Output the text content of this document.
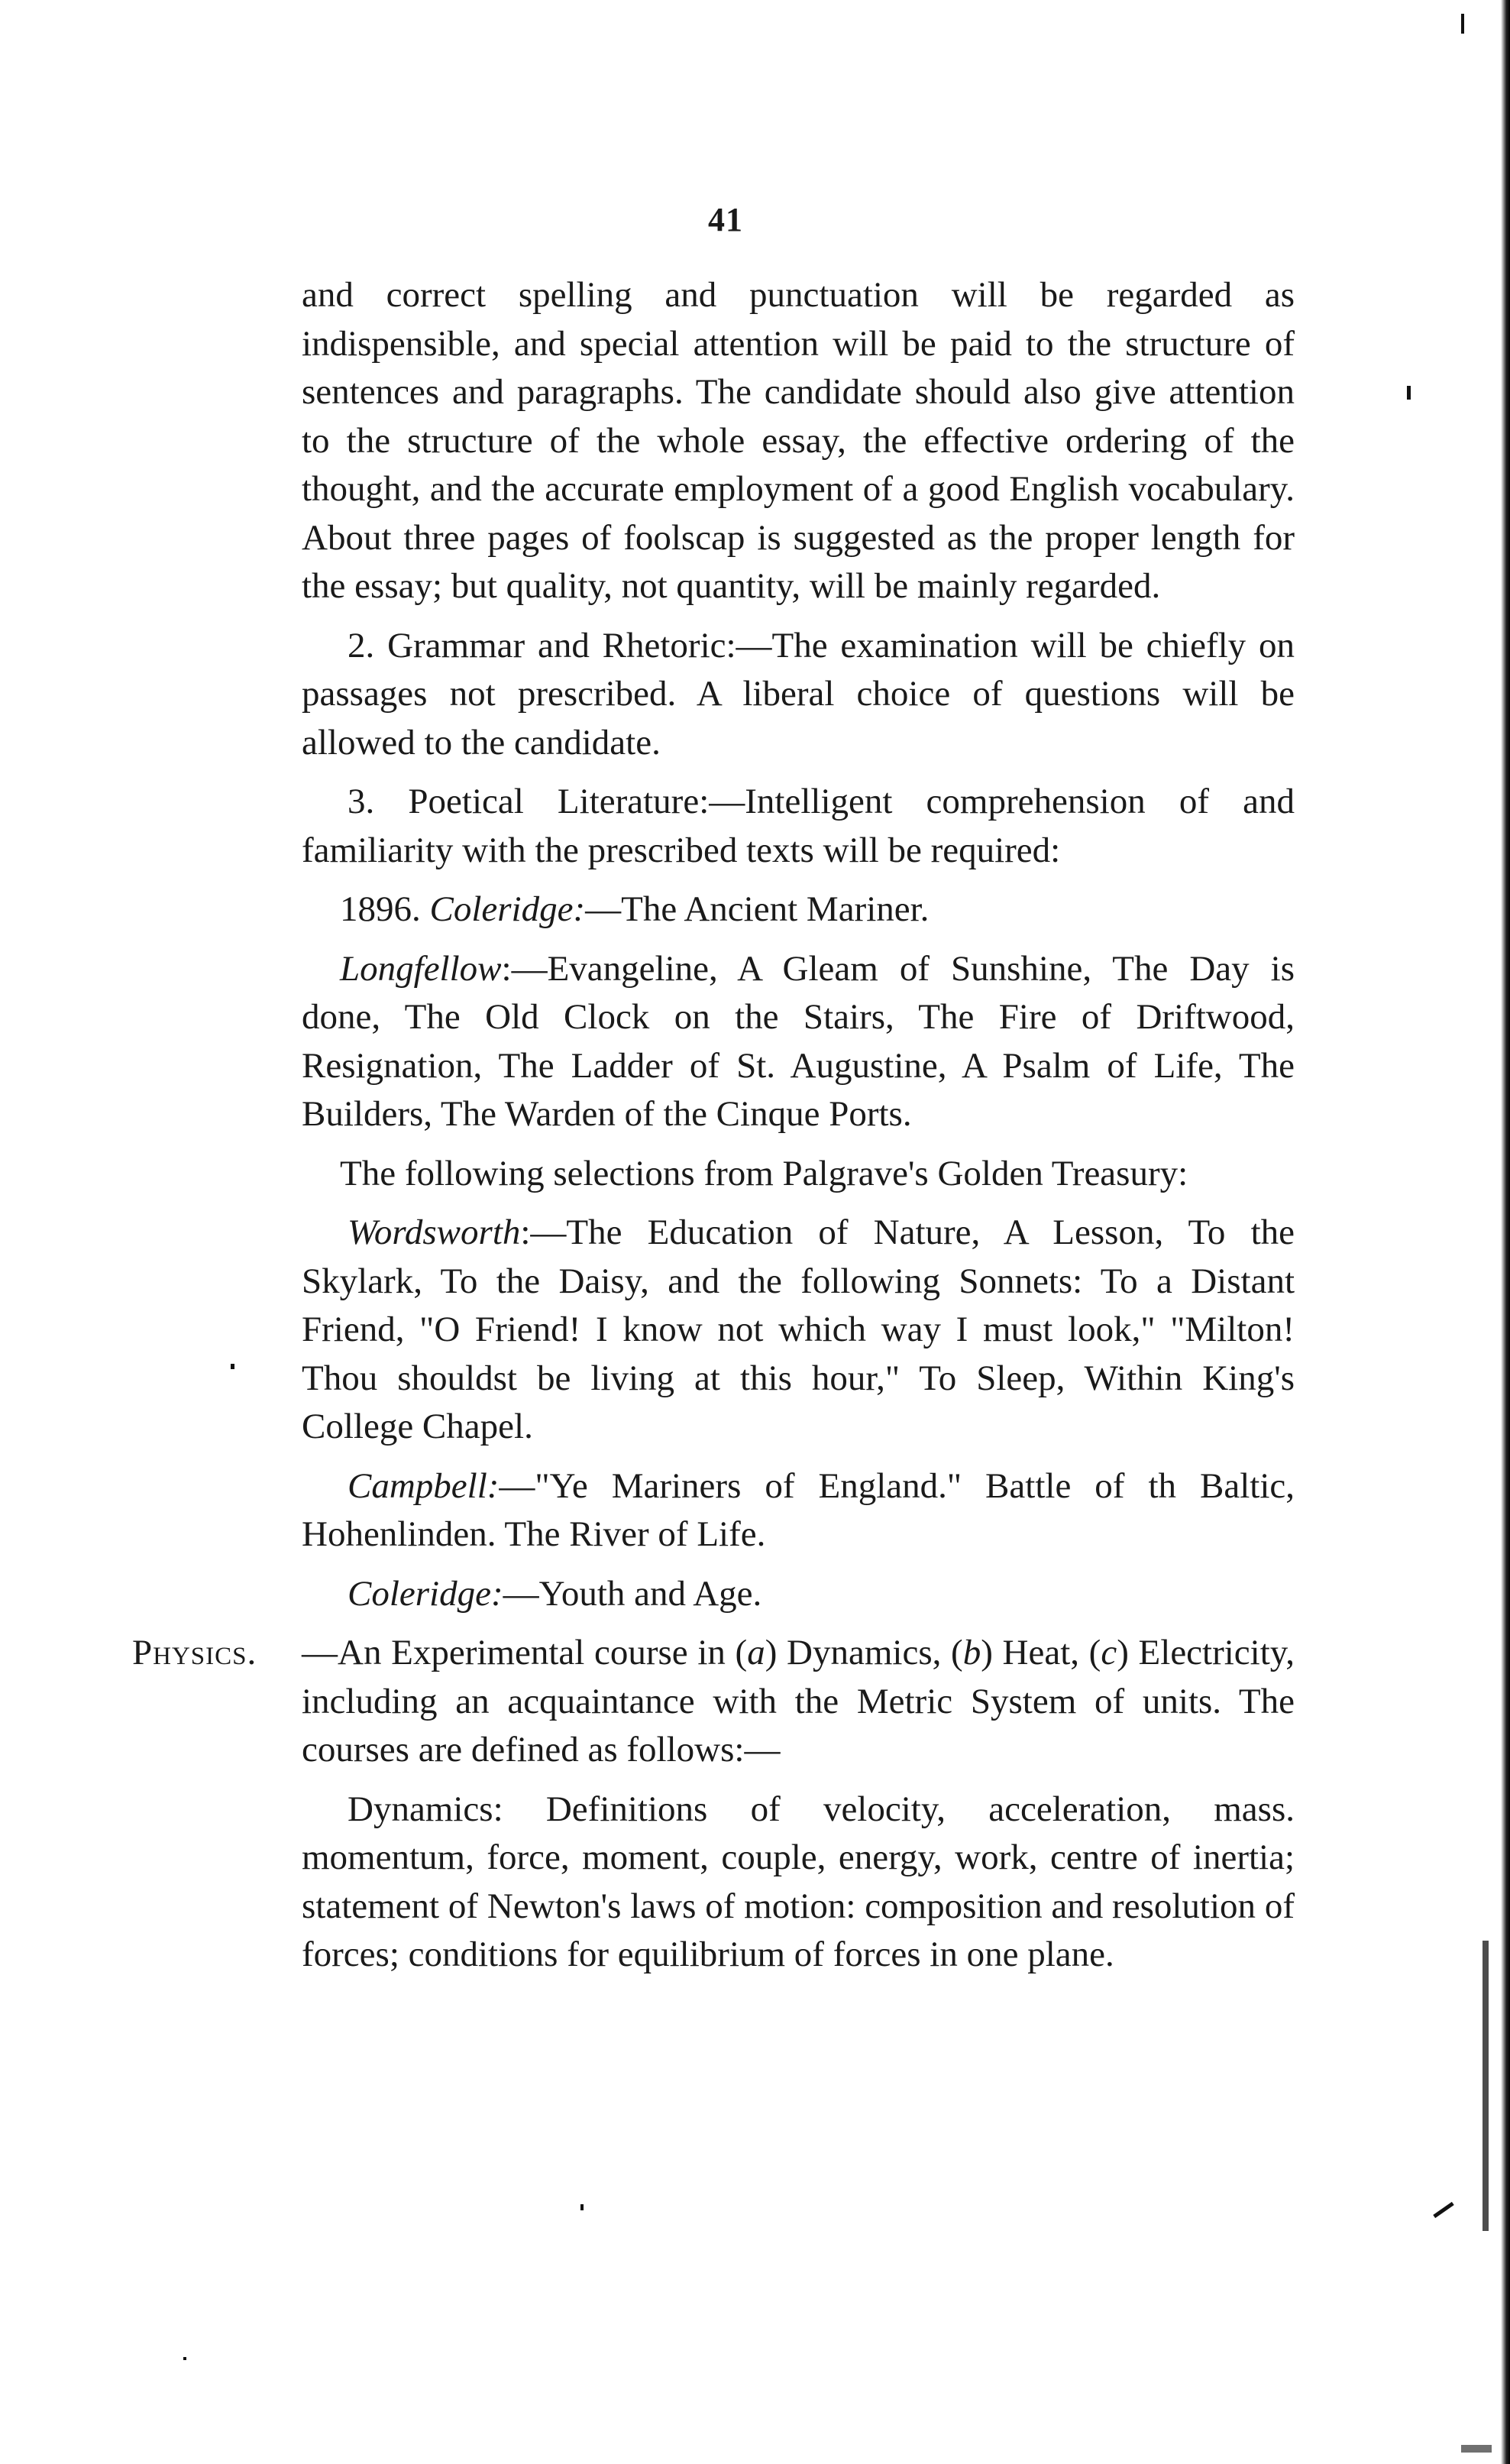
41

and correct spelling and punctuation will be regarded as indispensible, and special attention will be paid to the structure of sentences and paragraphs. The candidate should also give attention to the structure of the whole essay, the effective ordering of the thought, and the accurate employment of a good English vocabulary. About three pages of foolscap is suggested as the proper length for the essay; but quality, not quantity, will be mainly regarded.

2. Grammar and Rhetoric:—The examination will be chiefly on passages not prescribed. A liberal choice of questions will be allowed to the candidate.

3. Poetical Literature:—Intelligent comprehension of and familiarity with the prescribed texts will be required:

1896. Coleridge:—The Ancient Mariner.

Longfellow:—Evangeline, A Gleam of Sunshine, The Day is done, The Old Clock on the Stairs, The Fire of Driftwood, Resignation, The Ladder of St. Augustine, A Psalm of Life, The Builders, The Warden of the Cinque Ports.

The following selections from Palgrave's Golden Treasury:

Wordsworth:—The Education of Nature, A Lesson, To the Skylark, To the Daisy, and the following Sonnets: To a Distant Friend, "O Friend! I know not which way I must look," "Milton! Thou shouldst be living at this hour," To Sleep, Within King's College Chapel.

Campbell:—"Ye Mariners of England." Battle of th Baltic, Hohenlinden. The River of Life.

Coleridge:—Youth and Age.

Physics. —An Experimental course in (a) Dynamics, (b) Heat, (c) Electricity, including an acquaintance with the Metric System of units. The courses are defined as follows:—

Dynamics: Definitions of velocity, acceleration, mass. momentum, force, moment, couple, energy, work, centre of inertia; statement of Newton's laws of motion: composition and resolution of forces; conditions for equilibrium of forces in one plane.
